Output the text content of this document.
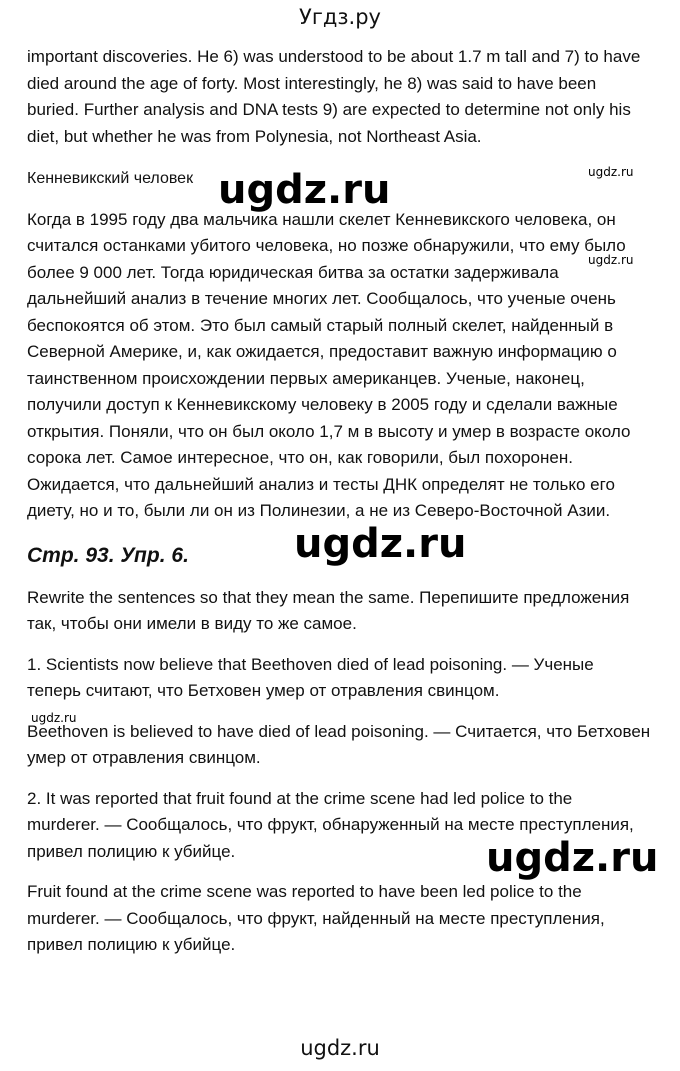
Угдз.ру

important discoveries. He 6) was understood to be about 1.7 m tall and 7) to have

died around the age of forty. Most interestingly, he 8) was said to have been

buried. Further analysis and DNA tests 9) are expected to determine not only his

diet, but whether he was from Polynesia, not Northeast Asia.

Кенневикский человек

Когда в 1995 году два мальчика нашли скелет Кенневикского человека, он

считался останками убитого человека, но позже обнаружили, что ему было

более 9 000 лет. Тогда юридическая битва за остатки задерживала

дальнейший анализ в течение многих лет. Сообщалось, что ученые очень

беспокоятся об этом. Это был самый старый полный скелет, найденный в

Северной Америке, и, как ожидается, предоставит важную информацию о

таинственном происхождении первых американцев. Ученые, наконец,

получили доступ к Кенневикскому человеку в 2005 году и сделали важные

открытия. Поняли, что он был около 1,7 м в высоту и умер в возрасте около

сорока лет. Самое интересное, что он, как говорили, был похоронен.

Ожидается, что дальнейший анализ и тесты ДНК определят не только его

диету, но и то, были ли он из Полинезии, а не из Северо-Восточной Азии.

Стр. 93. Упр. 6.

Rewrite the sentences so that they mean the same. Перепишите предложения

так, чтобы они имели в виду то же самое.

1. Scientists now believe that Beethoven died of lead poisoning. — Ученые

теперь считают, что Бетховен умер от отравления свинцом.

Beethoven is believed to have died of lead poisoning. — Считается, что Бетховен

умер от отравления свинцом.

2. It was reported that fruit found at the crime scene had led police to the

murderer. — Сообщалось, что фрукт, обнаруженный на месте преступления,

привел полицию к убийце.

Fruit found at the crime scene was reported to have been led police to the

murderer. — Сообщалось, что фрукт, найденный на месте преступления,

привел полицию к убийце.

ugdz.ru
ugdz.ru
ugdz.ru
ugdz.ru
ugdz.ru
ugdz.ru
ugdz.ru
